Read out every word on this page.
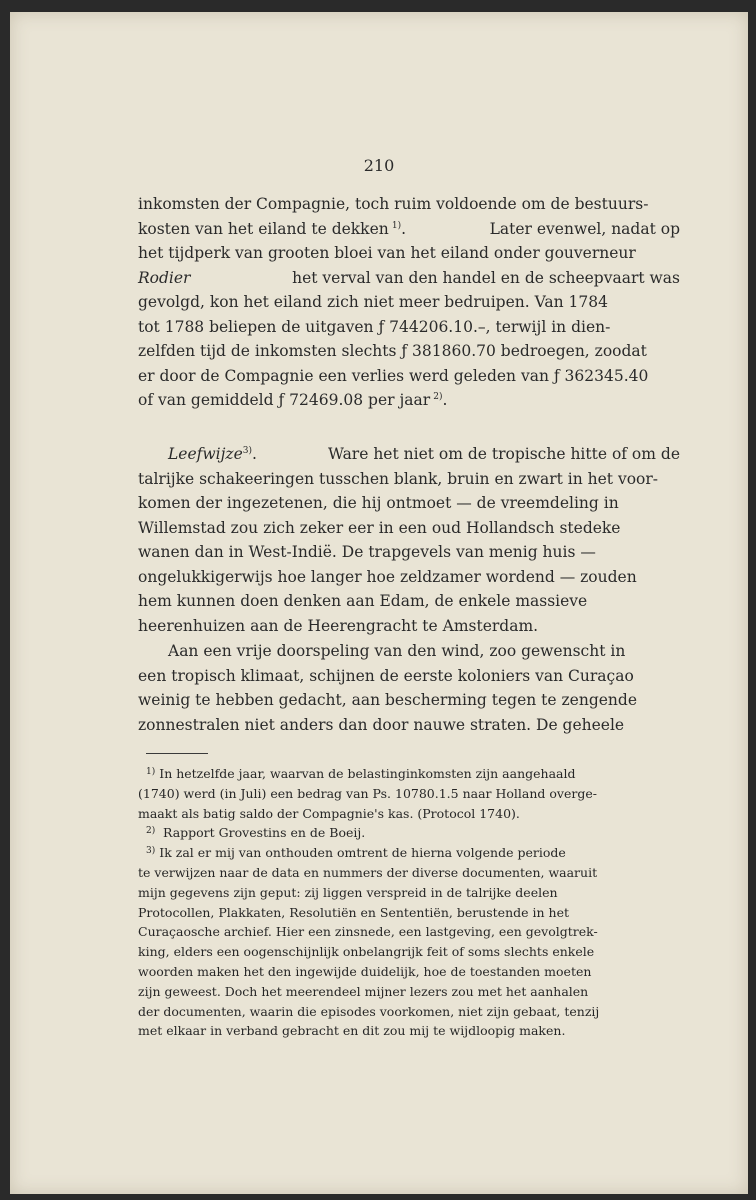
210

inkomsten der Compagnie, toch ruim voldoende om de bestuurs-
kosten van het eiland te dekken  $^{1)}$.	Later evenwel, nadat op
het tijdperk van grooten bloei van het eiland onder gouverneur
Rodier	het verval van den handel en de scheepvaart was
gevolgd, kon het eiland zich niet meer bedruipen. Van 1784
tot 1788 beliepen de uitgaven ƒ 744206.10.–, terwijl in dien-
zelfden tijd de inkomsten slechts ƒ 381860.70 bedroegen, zoodat
er door de Compagnie een verlies werd geleden van ƒ 362345.40
of van gemiddeld ƒ 72469.08 per jaar  $^{2)}$.
Leefwijze$^{3)}$.	Ware het niet om de tropische hitte of om de
talrijke schakeeringen tusschen blank, bruin en zwart in het voor-
komen der ingezetenen, die hij ontmoet — de vreemdeling in
Willemstad zou zich zeker eer in een oud Hollandsch stedeke
wanen dan in West-Indië. De trapgevels van menig huis —
ongelukkigerwijs hoe langer hoe zeldzamer wordend — zouden
hem kunnen doen denken aan Edam, de enkele massieve
heerenhuizen aan de Heerengracht te Amsterdam.
Aan een vrije doorspeling van den wind, zoo gewenscht in
een tropisch klimaat, schijnen de eerste koloniers van Curaçao
weinig te hebben gedacht, aan bescherming tegen te zengende
zonnestralen niet anders dan door nauwe straten. De geheele
$^{1)}$ In hetzelfde jaar, waarvan de belastinginkomsten zijn aangehaald
(1740) werd (in Juli) een bedrag van Ps. 10780.1.5 naar Holland overge-
maakt als batig saldo der Compagnie's kas. (Protocol 1740).
$^{2)}$ Rapport Grovestins en de Boeij.
$^{3)}$ Ik zal er mij van onthouden omtrent de hierna volgende periode
te verwijzen naar de data en nummers der diverse documenten, waaruit
mijn gegevens zijn geput: zij liggen verspreid in de talrijke deelen
Protocollen, Plakkaten, Resolutiën en Sententiën, berustende in het
Curaçaosche archief. Hier een zinsnede, een lastgeving, een gevolgtrek-
king, elders een oogenschijnlijk onbelangrijk feit of soms slechts enkele
woorden maken het den ingewijde duidelijk, hoe de toestanden moeten
zijn geweest. Doch het meerendeel mijner lezers zou met het aanhalen
der documenten, waarin die episodes voorkomen, niet zijn gebaat, tenzij
met elkaar in verband gebracht en dit zou mij te wijdloopig maken.
